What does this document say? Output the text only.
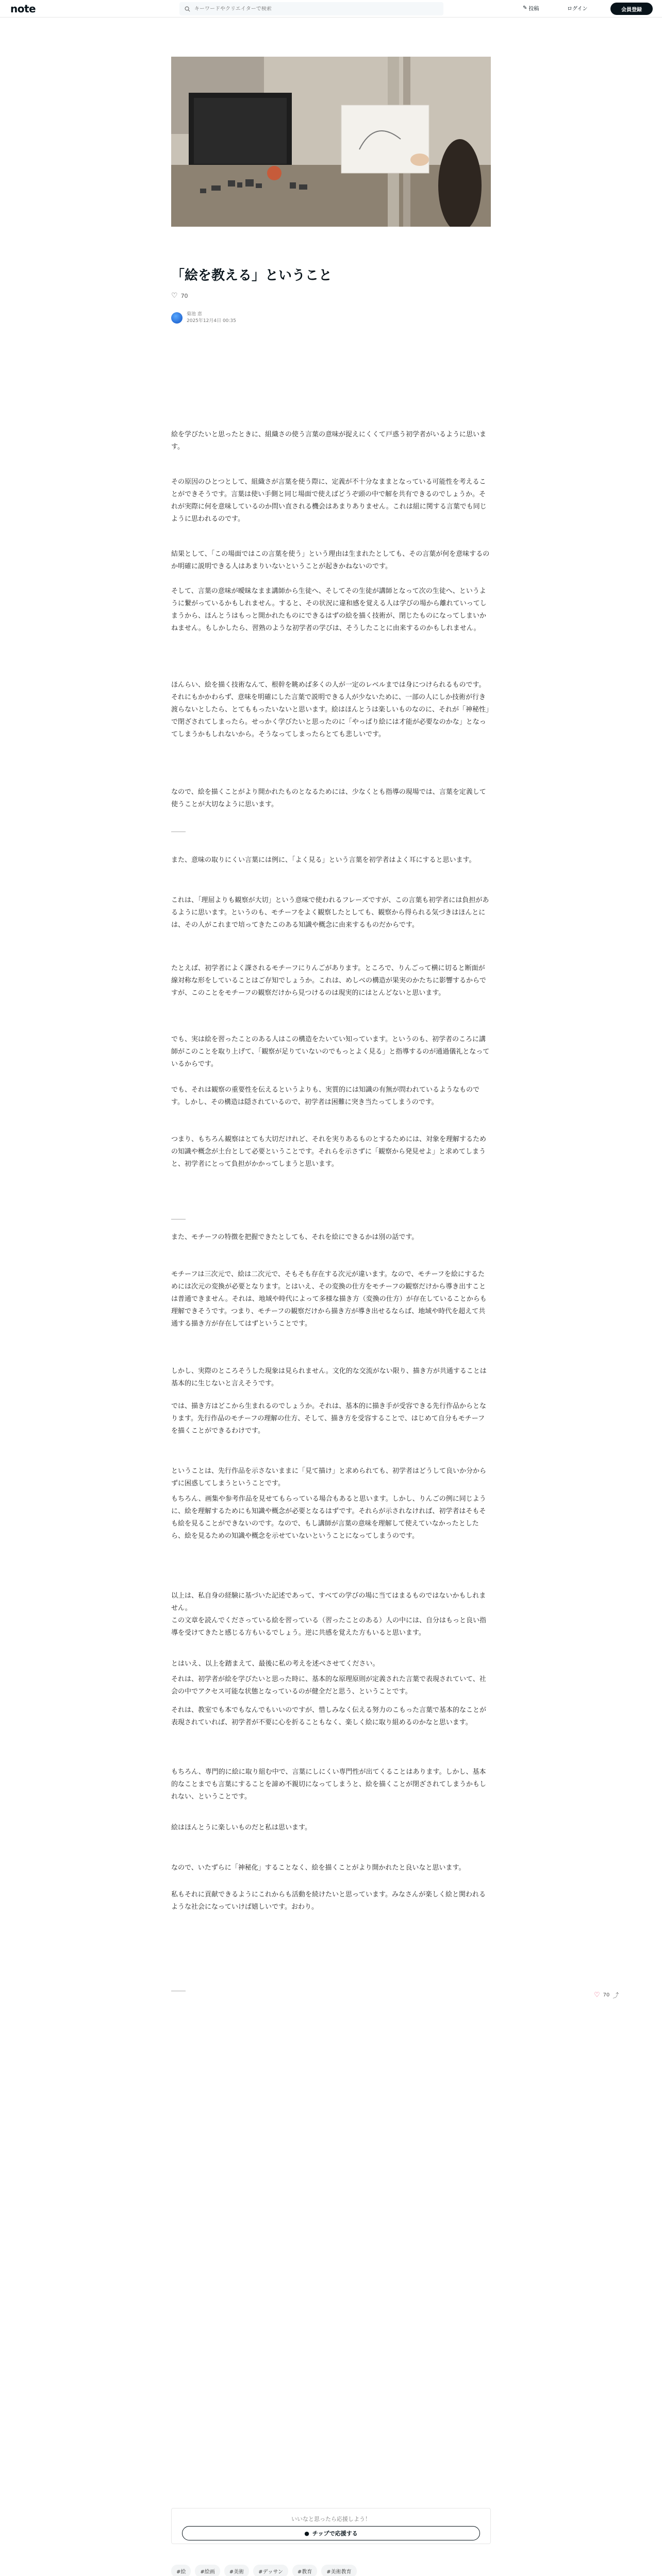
note
キーワードやクリエイターで検索	✎ 投稿	ログイン	会員登録
「絵を教える」ということ
♡ 70
菊池 恵
2025年12月4日 00:35

絵を学びたいと思ったときに、組織さの使う言葉の意味が捉えにくくて戸惑う初学者がいるように思います。

その原因のひとつとして、組織さが言葉を使う際に、定義が不十分なままとなっている可能性を考えることができそうです。言葉は使い手側と同じ場面で使えばどうぞ頭の中で解を共有できるのでしょうか。それが実際に何を意味しているのか問い直される機会はあまりありません。これは組に関する言葉でも同じように思われるのです。

結果として、「この場面ではこの言葉を使う」という理由は生まれたとしても、その言葉が何を意味するのか明確に説明できる人はあまりいないということが起きかねないのです。

そして、言葉の意味が曖昧なまま講師から生徒へ、そしてその生徒が講師となって次の生徒へ、というように繋がっているかもしれません。すると、その状況に違和感を覚える人は学びの場から離れていってしまうから、ほんとうはもっと開かれたものにできるはずの絵を描く技術が、閉じたものになってしまいかねません。もしかしたら、習熟のような初学者の学びは、そうしたことに由来するのかもしれません。

ほんらい、絵を描く技術なんて、根幹を眺めば多くの人が一定のレベルまでは身につけられるものです。それにもかかわらず、意味を明確にした言葉で説明できる人が少ないために、一部の人にしか技術が行き渡らないとしたら、とてももったいないと思います。絵はほんとうは楽しいものなのに、それが「神秘性」で閉ざされてしまったら。せっかく学びたいと思ったのに「やっぱり絵には才能が必要なのかな」となってしまうかもしれないから。そうなってしまったらとても悲しいです。

なので、絵を描くことがより開かれたものとなるためには、少なくとも指導の現場では、言葉を定義して使うことが大切なように思います。

また、意味の取りにくい言葉には例に、「よく見る」という言葉を初学者はよく耳にすると思います。

これは、「理屈よりも観察が大切」という意味で使われるフレーズですが、この言葉も初学者には負担があるように思います。というのも、モチーフをよく観察したとしても、観察から得られる気づきはほんとには、その人がこれまで培ってきたこのある知識や概念に由来するものだからです。

たとえば、初学者によく課されるモチーフにりんごがあります。ところで、りんごって横に切ると断面が線対称な形をしていることはご存知でしょうか。これは、めしべの構造が果実のかたちに影響するからですが、このことをモチーフの観察だけから見つけるのは現実的にはとんどないと思います。

でも、実は絵を習ったことのある人はこの構造をたいてい知っています。というのも、初学者のころに講師がこのことを取り上げて、「観察が足りていないのでもっとよく見る」と指導するのが通過儀礼となっているからです。

でも、それは観察の重要性を伝えるというよりも、実質的には知識の有無が問われているようなものです。しかし、その構造は隠されているので、初学者は困難に突き当たってしまうのです。

つまり、もちろん観察はとても大切だけれど、それを実りあるものとするためには、対象を理解するための知識や概念が土台として必要ということです。それらを示さずに「観察から発見せよ」と求めてしまうと、初学者にとって負担がかかってしまうと思います。

また、モチーフの特徴を把握できたとしても、それを絵にできるかは別の話です。

モチーフは三次元で、絵は二次元で、そもそも存在する次元が違います。なので、モチーフを絵にするためには次元の変換が必要となります。とはいえ、その変換の仕方をモチーフの観察だけから導き出すことは普通できません。それは、地域や時代によって多様な描き方（変換の仕方）が存在していることからも理解できそうです。つまり、モチーフの観察だけから描き方が導き出せるならば、地域や時代を超えて共通する描き方が存在してはずということです。

しかし、実際のところそうした現象は見られません。文化的な交流がない限り、描き方が共通することは基本的に生じないと言えそうです。

では、描き方はどこから生まれるのでしょうか。それは、基本的に描き手が受容できる先行作品からとなります。先行作品のモチーフの理解の仕方、そして、描き方を受容することで、はじめて自分もモチーフを描くことができるわけです。

ということは、先行作品を示さないままに「見て描け」と求められても、初学者はどうして良いか分からずに困惑してしまうということです。

もちろん、画集や参考作品を見せてもらっている場合もあると思います。しかし、りんごの例に同じように、絵を理解するためにも知識や概念が必要となるはずです。それらが示されなければ、初学者はそもそも絵を見ることができないのです。なので、もし講師が言葉の意味を理解して使えていなかったとしたら、絵を見るための知識や概念を示せていないということになってしまうのです。

以上は、私自身の経験に基づいた記述であって、すべての学びの場に当てはまるものではないかもしれません。

この文章を読んでくださっている絵を習っている（習ったことのある）人の中には、自分はもっと良い指導を受けてきたと感じる方もいるでしょう。逆に共感を覚えた方もいると思います。

とはいえ、以上を踏まえて、最後に私の考えを述べさせてください。

それは、初学者が絵を学びたいと思った時に、基本的な原理原則が定義された言葉で表現されていて、社会の中でアクセス可能な状態となっているのが健全だと思う、ということです。

それは、教室でも本でもなんでもいいのですが、惜しみなく伝える努力のこもった言葉で基本的なことが表現されていれば、初学者が不要に心を折ることもなく、楽しく絵に取り組めるのかなと思います。

もちろん、専門的に絵に取り組む中で、言葉にしにくい専門性が出てくることはあります。しかし、基本的なことまでも言葉にすることを諦め不親切になってしまうと、絵を描くことが閉ざされてしまうかもしれない、ということです。

絵はほんとうに楽しいものだと私は思います。

なので、いたずらに「神秘化」することなく、絵を描くことがより開かれたと良いなと思います。

私もそれに貢献できるようにこれからも活動を続けたいと思っています。みなさんが楽しく絵と関われるような社会になっていけば嬉しいです。おわり。

♡ 70 ⤴
いいなと思ったら応援しよう！
● チップで応援する
#絵	#絵画	#美術	#デッサン	#教育	#美術教育
